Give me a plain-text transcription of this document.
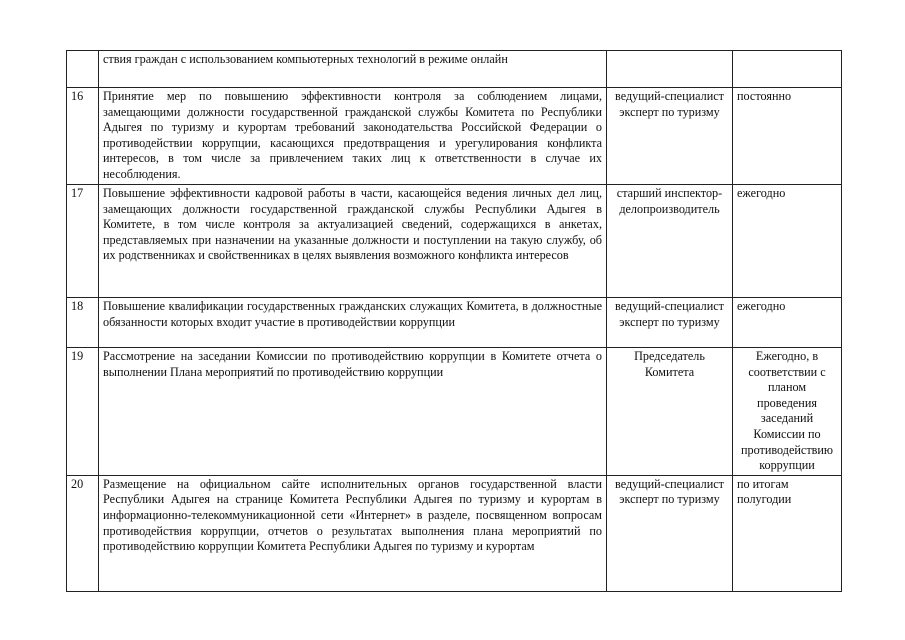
	ствия граждан с использованием компьютерных технологий в режиме онлайн		
16	Принятие мер по повышению эффективности контроля за соблюдением лицами, замещающими должности государственной гражданской службы Комитета по Республики Адыгея по туризму и курортам требований законодательства Российской Федерации о противодействии коррупции, касающихся предотвращения и урегулирования конфликта интересов, в том числе за привлечением таких лиц к ответственности в случае их несоблюдения.	ведущий-специалист эксперт по туризму	постоянно
17	Повышение эффективности кадровой работы в части, касающейся ведения личных дел лиц, замещающих должности государственной гражданской службы Республики Адыгея в Комитете, в том числе контроля за актуализацией сведений, содержащихся в анкетах, представляемых при назначении на указанные должности и поступлении на такую службу, об их родственниках и свойственниках в целях выявления возможного конфликта интересов	старший инспектор-делопроизводитель	ежегодно
18	Повышение квалификации государственных гражданских служащих Комитета, в должностные обязанности которых входит участие в противодействии коррупции	ведущий-специалист эксперт по туризму	ежегодно
19	Рассмотрение на заседании Комиссии по противодействию коррупции в Комитете отчета о выполнении Плана мероприятий по противодействию коррупции	Председатель Комитета	Ежегодно, в соответствии с планом проведения заседаний Комиссии по противодействию коррупции
20	Размещение на официальном сайте исполнительных органов государственной власти Республики Адыгея на странице Комитета Республики Адыгея по туризму и курортам в информационно-телекоммуникационной сети «Интернет» в разделе, посвященном вопросам противодействия коррупции, отчетов о результатах выполнения плана мероприятий по противодействию коррупции Комитета Республики Адыгея по туризму и курортам	ведущий-специалист эксперт по туризму	по итогам полугодии
